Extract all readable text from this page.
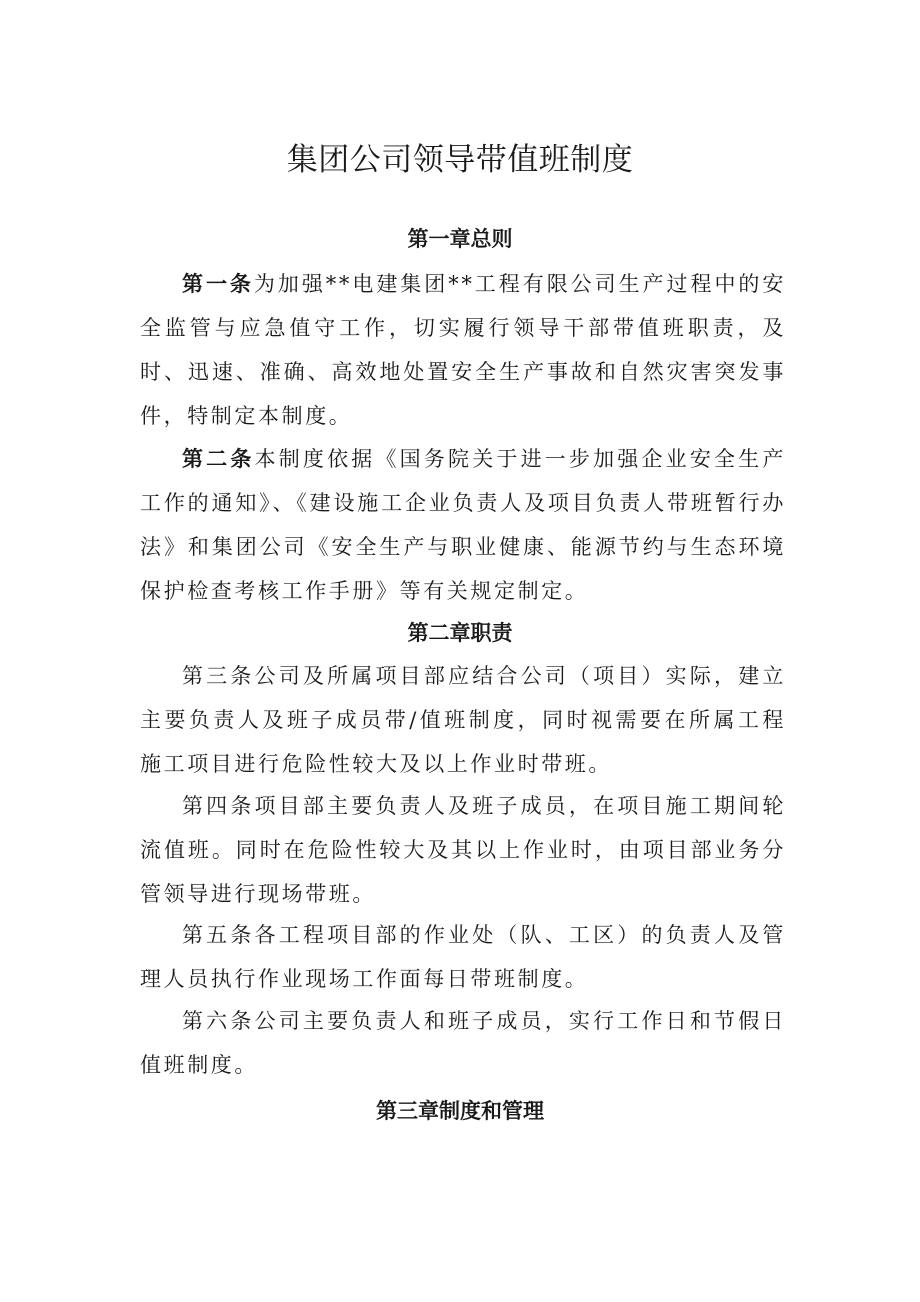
集团公司领导带值班制度
第一章总则

第一条为加强**电建集团**工程有限公司生产过程中的安全监管与应急值守工作，切实履行领导干部带值班职责，及时、迅速、准确、高效地处置安全生产事故和自然灾害突发事件，特制定本制度。

第二条本制度依据《国务院关于进一步加强企业安全生产工作的通知》、《建设施工企业负责人及项目负责人带班暂行办法》和集团公司《安全生产与职业健康、能源节约与生态环境保护检查考核工作手册》等有关规定制定。

第二章职责

第三条公司及所属项目部应结合公司（项目）实际，建立主要负责人及班子成员带/值班制度，同时视需要在所属工程施工项目进行危险性较大及以上作业时带班。

第四条项目部主要负责人及班子成员，在项目施工期间轮流值班。同时在危险性较大及其以上作业时，由项目部业务分管领导进行现场带班。

第五条各工程项目部的作业处（队、工区）的负责人及管理人员执行作业现场工作面每日带班制度。

第六条公司主要负责人和班子成员，实行工作日和节假日值班制度。

第三章制度和管理
